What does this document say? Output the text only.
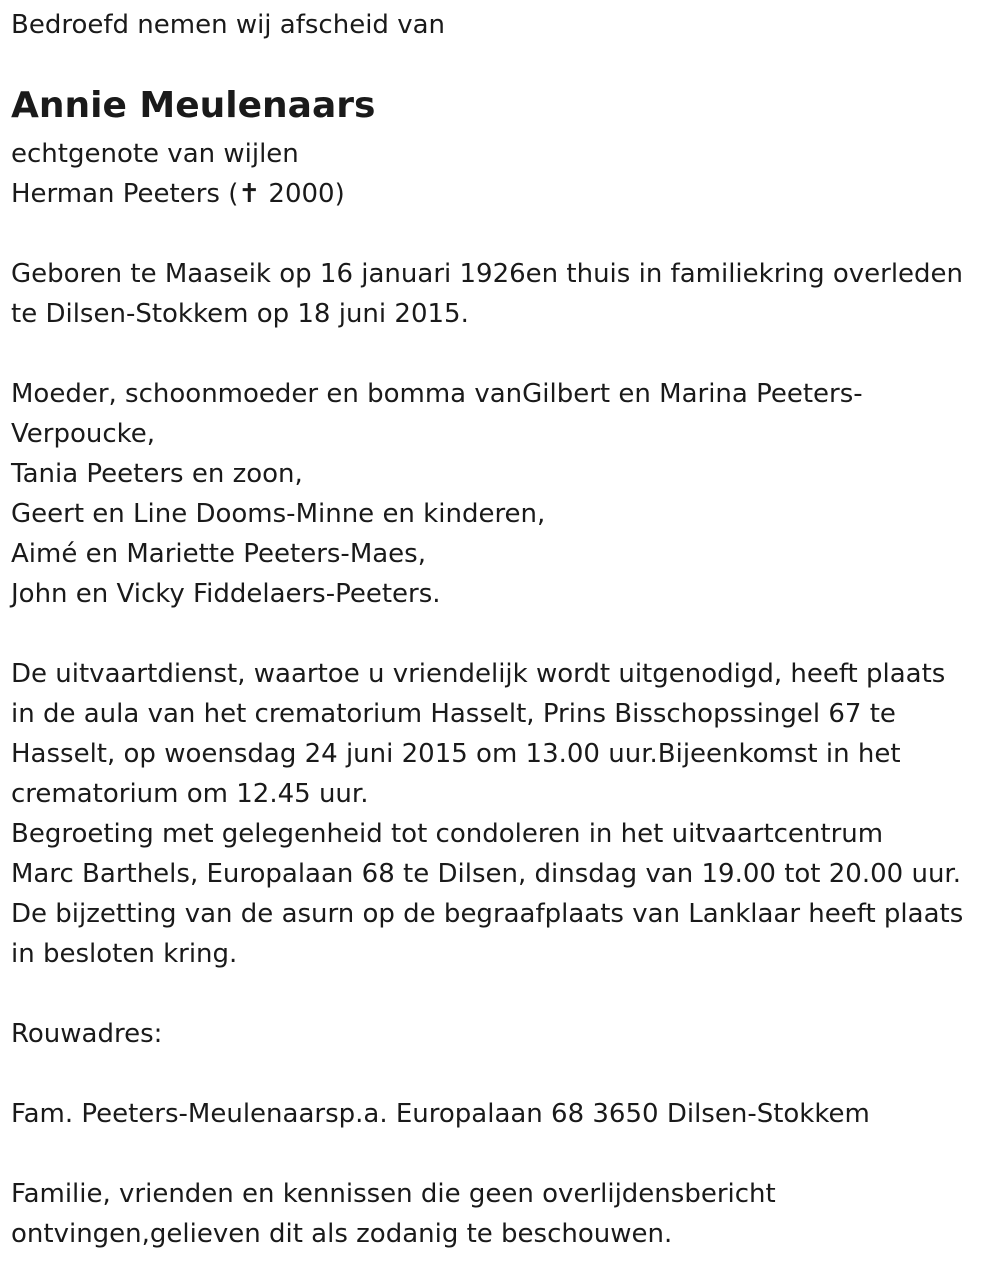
Bedroefd nemen wij afscheid van
Annie Meulenaars
echtgenote van wijlen
Herman Peeters (✝ 2000)
Geboren te Maaseik op 16 januari 1926en thuis in familiekring overleden
te Dilsen-Stokkem op 18 juni 2015.
Moeder, schoonmoeder en bomma vanGilbert en Marina Peeters-
Verpoucke,
Tania Peeters en zoon,
Geert en Line Dooms-Minne en kinderen,
Aimé en Mariette Peeters-Maes,
John en Vicky Fiddelaers-Peeters.
De uitvaartdienst, waartoe u vriendelijk wordt uitgenodigd, heeft plaats
in de aula van het crematorium Hasselt, Prins Bisschopssingel 67 te
Hasselt, op woensdag 24 juni 2015 om 13.00 uur.Bijeenkomst in het
crematorium om 12.45 uur.
Begroeting met gelegenheid tot condoleren in het uitvaartcentrum
Marc Barthels, Europalaan 68 te Dilsen, dinsdag van 19.00 tot 20.00 uur.
De bijzetting van de asurn op de begraafplaats van Lanklaar heeft plaats
in besloten kring.
Rouwadres:
Fam. Peeters-Meulenaarsp.a. Europalaan 68 3650 Dilsen-Stokkem
Familie, vrienden en kennissen die geen overlijdensbericht
ontvingen,gelieven dit als zodanig te beschouwen.
